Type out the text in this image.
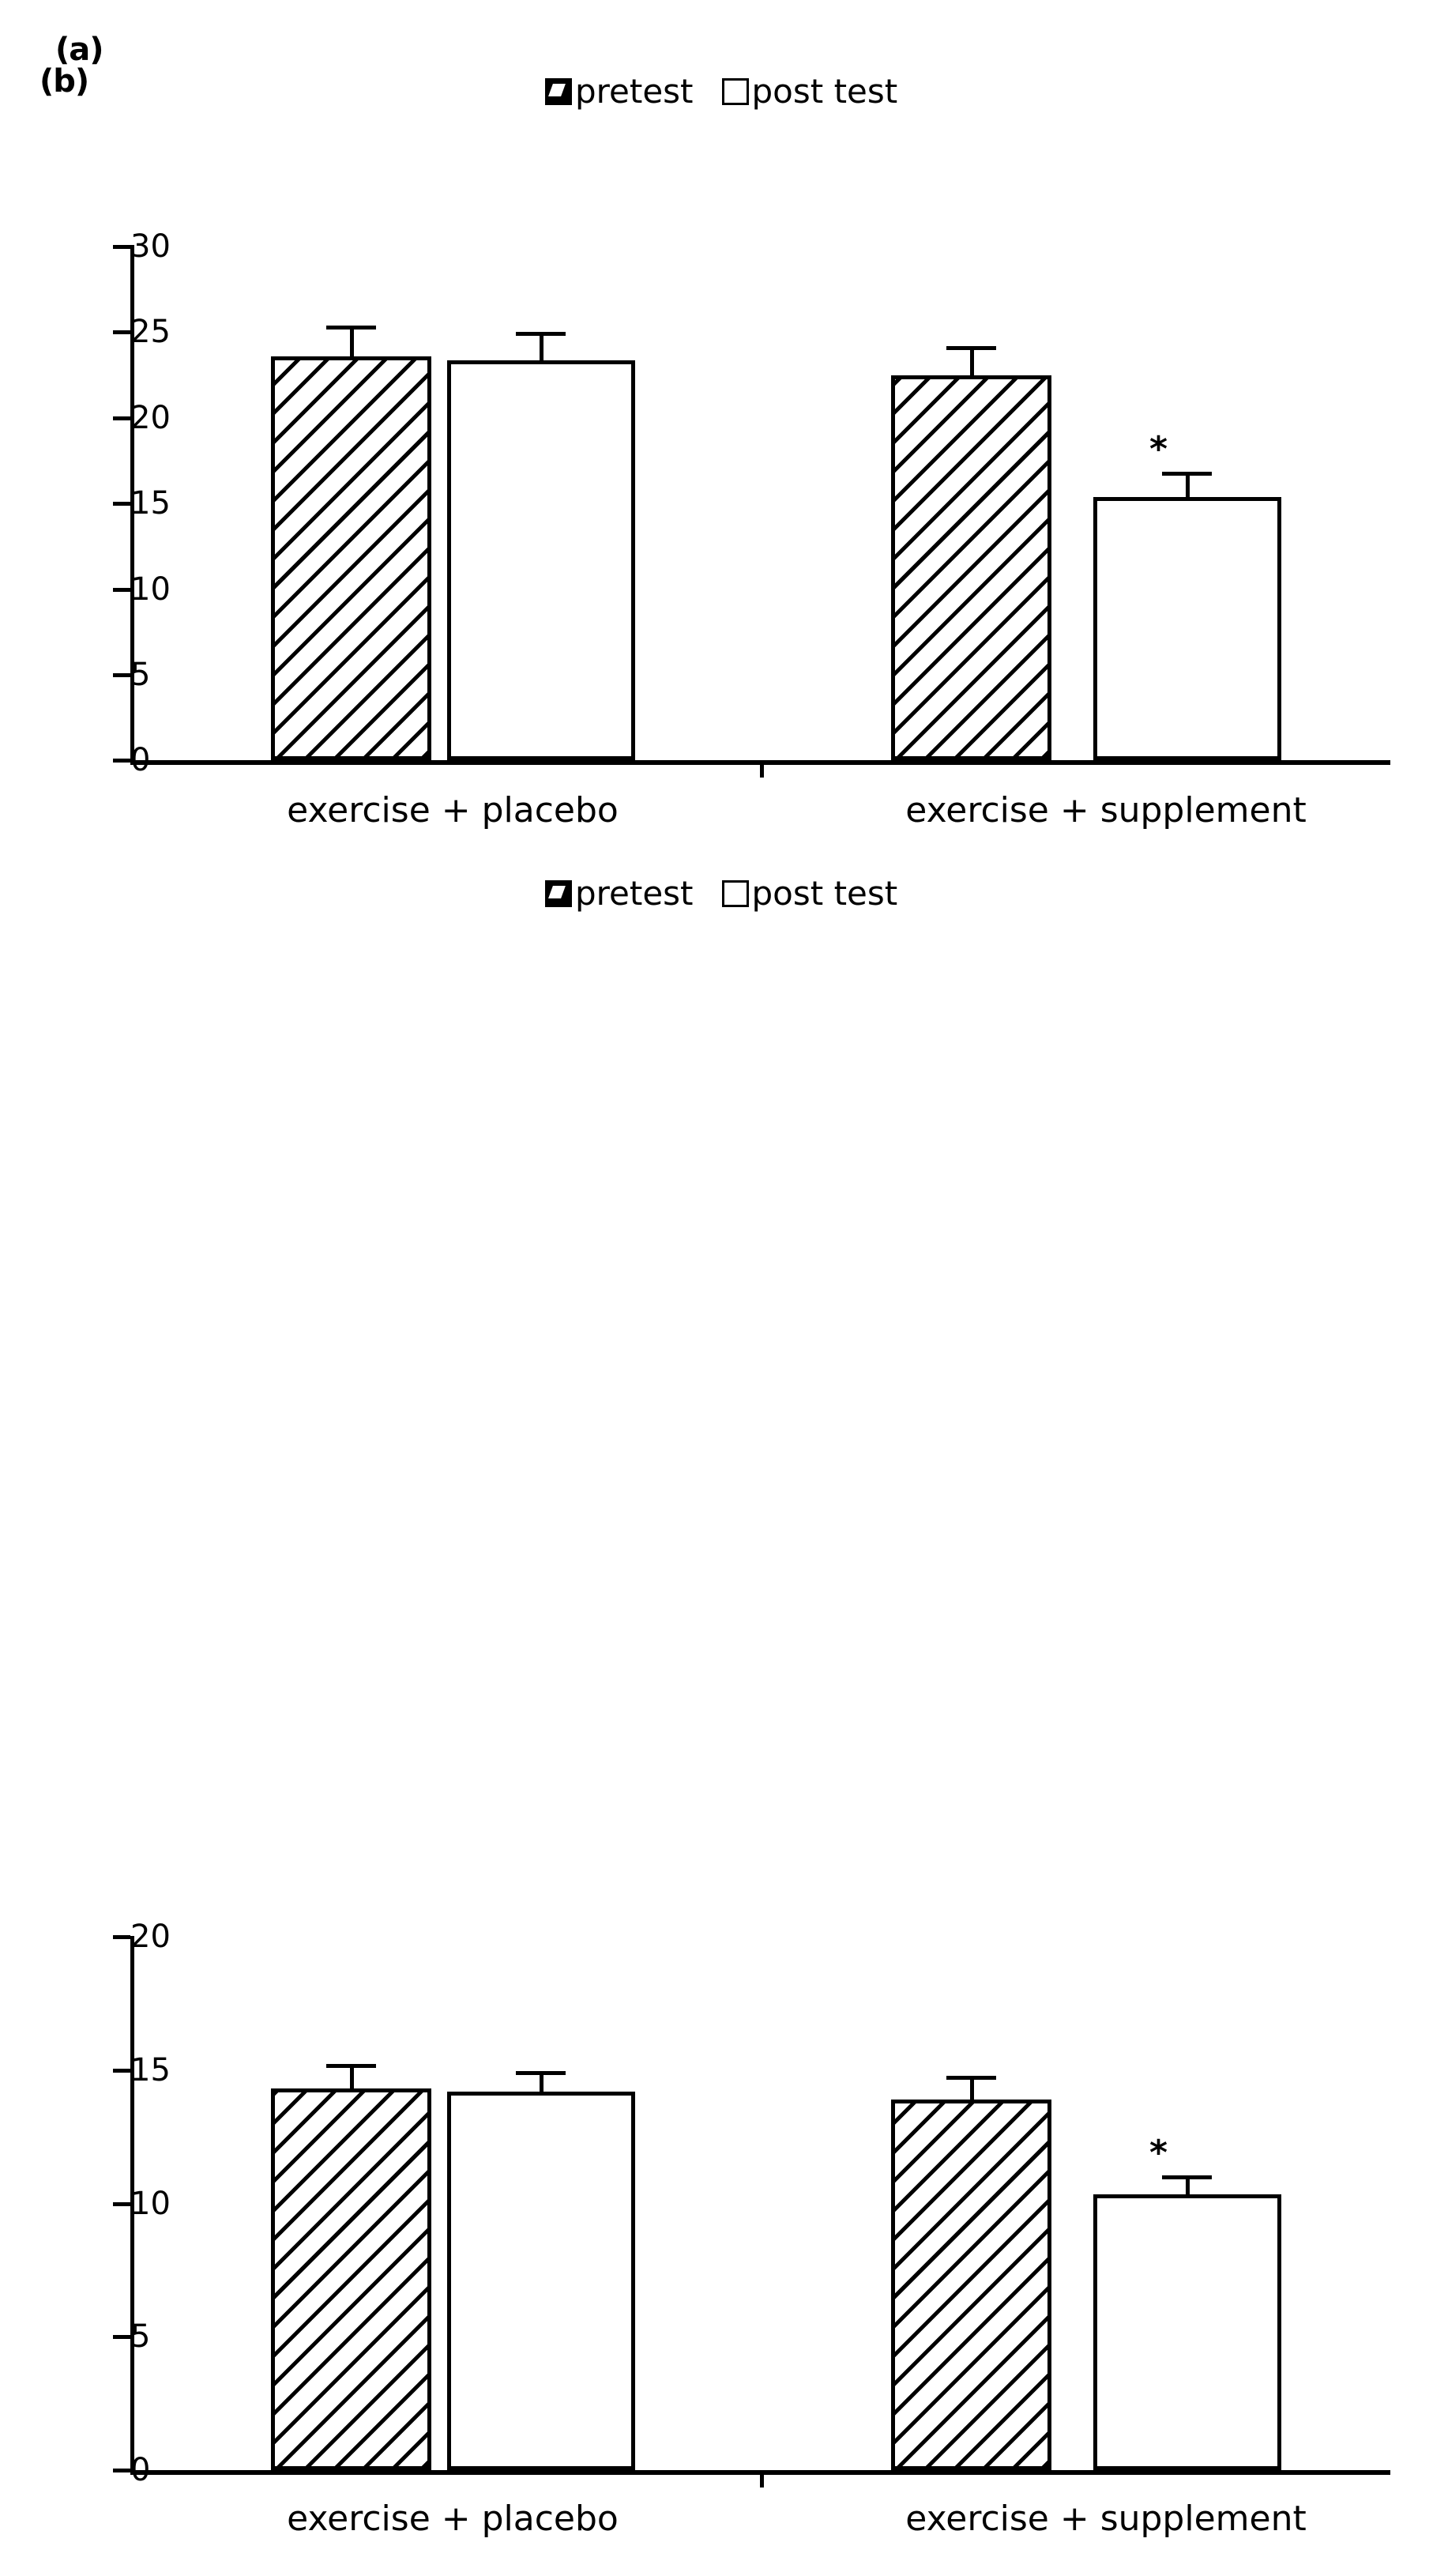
(a)
pretest post test
30
25
20
15
10
5
0
*
exercise + placebo	exercise + supplement
(b)
pretest post test
20
15
10
5
0
*
exercise + placebo	exercise + supplement
